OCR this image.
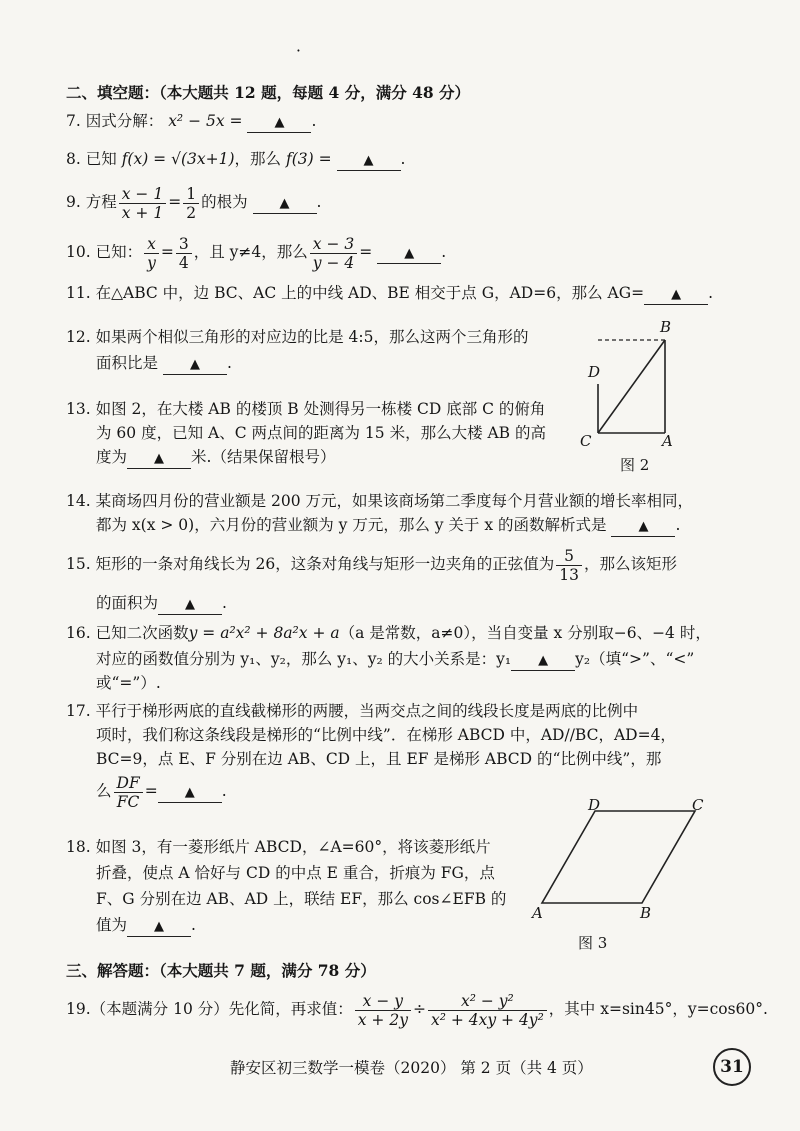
·
二、填空题：（本大题共 12 题，每题 4 分，满分 48 分）
7. 因式分解： x² − 5x = ▲ .
8. 已知 f(x) = √(3x+1)，那么 f(3) = ▲ .
9. 方程 $\frac{x - 1}{x + 1} = \frac{1}{2}$ 的根为 ▲ .
10. 已知： $\frac{x}{y} = \frac{3}{4}$ ，且 y≠4，那么 $\frac{x - 3}{y - 4}$ = ▲ .
11. 在△ABC 中，边 BC、AC 上的中线 AD、BE 相交于点 G，AD=6，那么 AG= ▲ .
12. 如果两个相似三角形的对应边的比是 4:5，那么这两个三角形的
面积比是 ▲ .
13. 如图 2，在大楼 AB 的楼顶 B 处测得另一栋楼 CD 底部 C 的俯角
为 60 度，已知 A、C 两点间的距离为 15 米，那么大楼 AB 的高
度为 ▲ 米.（结果保留根号）
B
D
C	A
图 2
14. 某商场四月份的营业额是 200 万元，如果该商场第二季度每个月营业额的增长率相同，
都为 x(x > 0)，六月份的营业额为 y 万元，那么 y 关于 x 的函数解析式是 ▲ .
15. 矩形的一条对角线长为 26，这条对角线与矩形一边夹角的正弦值为 $\frac{5}{13}$ ，那么该矩形
的面积为 ▲ .
16. 已知二次函数y = a²x² + 8a²x + a（a 是常数，a≠0），当自变量 x 分别取−6、−4 时，
对应的函数值分别为 y₁、y₂，那么 y₁、y₂ 的大小关系是：y₁ ▲ y₂（填“>”、“<”
或“=”）.
17. 平行于梯形两底的直线截梯形的两腰，当两交点之间的线段长度是两底的比例中
项时，我们称这条线段是梯形的“比例中线”．在梯形 ABCD 中，AD//BC，AD=4，
BC=9，点 E、F 分别在边 AB、CD 上，且 EF 是梯形 ABCD 的“比例中线”，那
么 $\frac{DF}{FC}$ = ▲ .
18. 如图 3，有一菱形纸片 ABCD，∠A=60°，将该菱形纸片
折叠，使点 A 恰好与 CD 的中点 E 重合，折痕为 FG，点
F、G 分别在边 AB、AD 上，联结 EF，那么 cos∠EFB 的
值为 ▲ .
D	C
A	B
图 3
三、解答题：（本大题共 7 题，满分 78 分）
19.（本题满分 10 分）先化简，再求值： $\frac{x - y}{x + 2y} \div \frac{\text{x² − y²}}{\text{x² + 4xy + 4y²}}$ ，其中 x=sin45°，y=cos60°.
静安区初三数学一模卷（2020） 第 2 页（共 4 页）	31
